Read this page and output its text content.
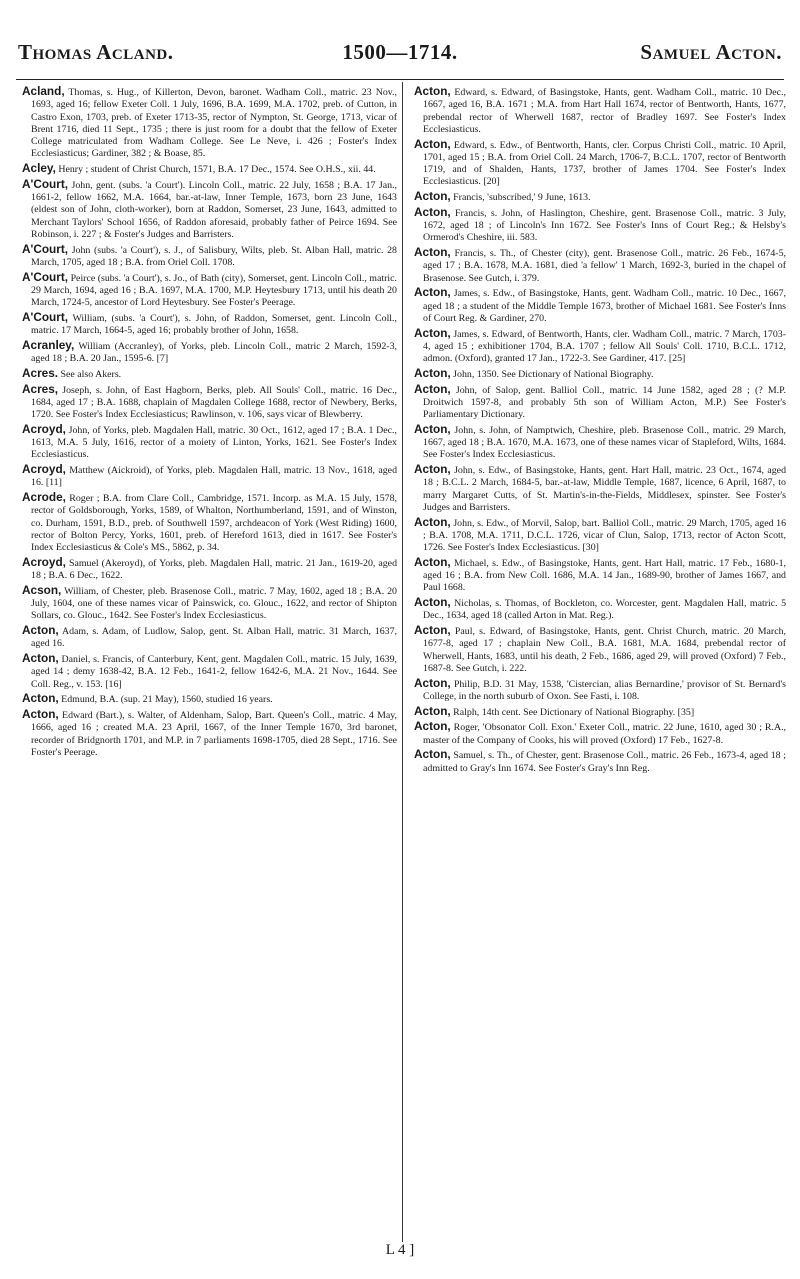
Thomas Acland.	1500—1714.	Samuel Acton.

Acland, Thomas, s. Hug., of Killerton, Devon, baronet. Wadham Coll., matric. 23 Nov., 1693, aged 16; fellow Exeter Coll. 1 July, 1696, B.A. 1699, M.A. 1702, preb. of Cutton, in Castro Exon, 1703, preb. of Exeter 1713-35, rector of Nympton, St. George, 1713, vicar of Brent 1716, died 11 Sept., 1735 ; there is just room for a doubt that the fellow of Exeter College matriculated from Wadham College. See Le Neve, i. 426 ; Foster's Index Ecclesiasticus; Gardiner, 382 ; & Boase, 85.

Acley, Henry ; student of Christ Church, 1571, B.A. 17 Dec., 1574. See O.H.S., xii. 44.

A'Court, John, gent. (subs. 'a Court'). Lincoln Coll., matric. 22 July, 1658 ; B.A. 17 Jan., 1661-2, fellow 1662, M.A. 1664, bar.-at-law, Inner Temple, 1673, born 23 June, 1643 (eldest son of John, cloth-worker), born at Raddon, Somerset, 23 June, 1643, admitted to Merchant Taylors' School 1656, of Raddon aforesaid, probably father of Peirce 1694. See Robinson, i. 227 ; & Foster's Judges and Barristers.

A'Court, John (subs. 'a Court'), s. J., of Salisbury, Wilts, pleb. St. Alban Hall, matric. 28 March, 1705, aged 18 ; B.A. from Oriel Coll. 1708.

A'Court, Peirce (subs. 'a Court'), s. Jo., of Bath (city), Somerset, gent. Lincoln Coll., matric. 29 March, 1694, aged 16 ; B.A. 1697, M.A. 1700, M.P. Heytesbury 1713, until his death 20 March, 1724-5, ancestor of Lord Heytesbury. See Foster's Peerage.

A'Court, William, (subs. 'a Court'), s. John, of Raddon, Somerset, gent. Lincoln Coll., matric. 17 March, 1664-5, aged 16; probably brother of John, 1658.

Acranley, William (Accranley), of Yorks, pleb. Lincoln Coll., matric 2 March, 1592-3, aged 18 ; B.A. 20 Jan., 1595-6. [7]

Acres. See also Akers.

Acres, Joseph, s. John, of East Hagborn, Berks, pleb. All Souls' Coll., matric. 16 Dec., 1684, aged 17 ; B.A. 1688, chaplain of Magdalen College 1688, rector of Newbery, Berks, 1720. See Foster's Index Ecclesiasticus; Rawlinson, v. 106, says vicar of Blewberry.

Acroyd, John, of Yorks, pleb. Magdalen Hall, matric. 30 Oct., 1612, aged 17 ; B.A. 1 Dec., 1613, M.A. 5 July, 1616, rector of a moiety of Linton, Yorks, 1621. See Foster's Index Ecclesiasticus.

Acroyd, Matthew (Aickroid), of Yorks, pleb. Magdalen Hall, matric. 13 Nov., 1618, aged 16. [11]

Acrode, Roger ; B.A. from Clare Coll., Cambridge, 1571. Incorp. as M.A. 15 July, 1578, rector of Goldsborough, Yorks, 1589, of Whalton, Northumberland, 1591, and of Winston, co. Durham, 1591, B.D., preb. of Southwell 1597, archdeacon of York (West Riding) 1600, rector of Bolton Percy, Yorks, 1601, preb. of Hereford 1613, died in 1617. See Foster's Index Ecclesiasticus & Cole's MS., 5862, p. 34.

Acroyd, Samuel (Akeroyd), of Yorks, pleb. Magdalen Hall, matric. 21 Jan., 1619-20, aged 18 ; B.A. 6 Dec., 1622.

Acson, William, of Chester, pleb. Brasenose Coll., matric. 7 May, 1602, aged 18 ; B.A. 20 July, 1604, one of these names vicar of Painswick, co. Glouc., 1622, and rector of Shipton Sollars, co. Glouc., 1642. See Foster's Index Ecclesiasticus.

Acton, Adam, s. Adam, of Ludlow, Salop, gent. St. Alban Hall, matric. 31 March, 1637, aged 16.

Acton, Daniel, s. Francis, of Canterbury, Kent, gent. Magdalen Coll., matric. 15 July, 1639, aged 14 ; demy 1638-42, B.A. 12 Feb., 1641-2, fellow 1642-6, M.A. 21 Nov., 1644. See Coll. Reg., v. 153. [16]

Acton, Edmund, B.A. (sup. 21 May), 1560, studied 16 years.

Acton, Edward (Bart.), s. Walter, of Aldenham, Salop, Bart. Queen's Coll., matric. 4 May, 1666, aged 16 ; created M.A. 23 April, 1667, of the Inner Temple 1670, 3rd baronet, recorder of Bridgnorth 1701, and M.P. in 7 parliaments 1698-1705, died 28 Sept., 1716. See Foster's Peerage.

Acton, Edward, s. Edward, of Basingstoke, Hants, gent. Wadham Coll., matric. 10 Dec., 1667, aged 16, B.A. 1671 ; M.A. from Hart Hall 1674, rector of Bentworth, Hants, 1677, prebendal rector of Wherwell 1687, rector of Bradley 1697. See Foster's Index Ecclesiasticus.

Acton, Edward, s. Edw., of Bentworth, Hants, cler. Corpus Christi Coll., matric. 10 April, 1701, aged 15 ; B.A. from Oriel Coll. 24 March, 1706-7, B.C.L. 1707, rector of Bentworth 1719, and of Shalden, Hants, 1737, brother of James 1704. See Foster's Index Ecclesiasticus. [20]

Acton, Francis, 'subscribed,' 9 June, 1613.

Acton, Francis, s. John, of Haslington, Cheshire, gent. Brasenose Coll., matric. 3 July, 1672, aged 18 ; of Lincoln's Inn 1672. See Foster's Inns of Court Reg.; & Helsby's Ormerod's Cheshire, iii. 583.

Acton, Francis, s. Th., of Chester (city), gent. Brasenose Coll., matric. 26 Feb., 1674-5, aged 17 ; B.A. 1678, M.A. 1681, died 'a fellow' 1 March, 1692-3, buried in the chapel of Brasenose. See Gutch, i. 379.

Acton, James, s. Edw., of Basingstoke, Hants, gent. Wadham Coll., matric. 10 Dec., 1667, aged 18 ; a student of the Middle Temple 1673, brother of Michael 1681. See Foster's Inns of Court Reg. & Gardiner, 270.

Acton, James, s. Edward, of Bentworth, Hants, cler. Wadham Coll., matric. 7 March, 1703-4, aged 15 ; exhibitioner 1704, B.A. 1707 ; fellow All Souls' Coll. 1710, B.C.L. 1712, admon. (Oxford), granted 17 Jan., 1722-3. See Gardiner, 417. [25]

Acton, John, 1350. See Dictionary of National Biography.

Acton, John, of Salop, gent. Balliol Coll., matric. 14 June 1582, aged 28 ; (? M.P. Droitwich 1597-8, and probably 5th son of William Acton, M.P.) See Foster's Parliamentary Dictionary.

Acton, John, s. John, of Namptwich, Cheshire, pleb. Brasenose Coll., matric. 29 March, 1667, aged 18 ; B.A. 1670, M.A. 1673, one of these names vicar of Stapleford, Wilts, 1684. See Foster's Index Ecclesiasticus.

Acton, John, s. Edw., of Basingstoke, Hants, gent. Hart Hall, matric. 23 Oct., 1674, aged 18 ; B.C.L. 2 March, 1684-5, bar.-at-law, Middle Temple, 1687, licence, 6 April, 1687, to marry Margaret Cutts, of St. Martin's-in-the-Fields, Middlesex, spinster. See Foster's Judges and Barristers.

Acton, John, s. Edw., of Morvil, Salop, bart. Balliol Coll., matric. 29 March, 1705, aged 16 ; B.A. 1708, M.A. 1711, D.C.L. 1726, vicar of Clun, Salop, 1713, rector of Acton Scott, 1726. See Foster's Index Ecclesiasticus. [30]

Acton, Michael, s. Edw., of Basingstoke, Hants, gent. Hart Hall, matric. 17 Feb., 1680-1, aged 16 ; B.A. from New Coll. 1686, M.A. 14 Jan., 1689-90, brother of James 1667, and Paul 1668.

Acton, Nicholas, s. Thomas, of Bockleton, co. Worcester, gent. Magdalen Hall, matric. 5 Dec., 1634, aged 18 (called Arton in Mat. Reg.).

Acton, Paul, s. Edward, of Basingstoke, Hants, gent. Christ Church, matric. 20 March, 1677-8, aged 17 ; chaplain New Coll., B.A. 1681, M.A. 1684, prebendal rector of Wherwell, Hants, 1683, until his death, 2 Feb., 1686, aged 29, will proved (Oxford) 7 Feb., 1687-8. See Gutch, i. 222.

Acton, Philip, B.D. 31 May, 1538, 'Cistercian, alias Bernardine,' provisor of St. Bernard's College, in the north suburb of Oxon. See Fasti, i. 108.

Acton, Ralph, 14th cent. See Dictionary of National Biography. [35]

Acton, Roger, 'Obsonator Coll. Exon.' Exeter Coll., matric. 22 June, 1610, aged 30 ; R.A., master of the Company of Cooks, his will proved (Oxford) 17 Feb., 1627-8.

Acton, Samuel, s. Th., of Chester, gent. Brasenose Coll., matric. 26 Feb., 1673-4, aged 18 ; admitted to Gray's Inn 1674. See Foster's Gray's Inn Reg.

L 4 ]
